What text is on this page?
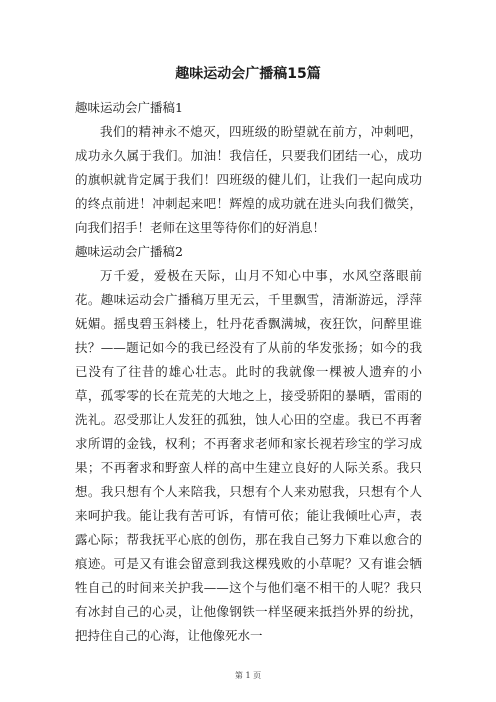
趣味运动会广播稿15篇

趣味运动会广播稿1

我们的精神永不熄灭，四班级的盼望就在前方，冲刺吧，成功永久属于我们。加油！我信任，只要我们团结一心，成功的旗帜就肯定属于我们！四班级的健儿们，让我们一起向成功的终点前进！冲刺起来吧！辉煌的成功就在进头向我们微笑，向我们招手！老师在这里等待你们的好消息！

趣味运动会广播稿2

万千爱，爱极在天际，山月不知心中事，水风空落眼前花。趣味运动会广播稿万里无云，千里飘雪，清渐游远，浮萍妩媚。摇曳碧玉斜楼上，牡丹花香飘满城，夜狂饮，问醉里谁扶？——题记如今的我已经没有了从前的华发张扬；如今的我已没有了往昔的雄心壮志。此时的我就像一棵被人遗弃的小草，孤零零的长在荒芜的大地之上，接受骄阳的暴晒，雷雨的洗礼。忍受那让人发狂的孤独，蚀人心田的空虚。我已不再奢求所谓的金钱，权利；不再奢求老师和家长视若珍宝的学习成果；不再奢求和野蛮人样的高中生建立良好的人际关系。我只想。我只想有个人来陪我，只想有个人来劝慰我，只想有个人来呵护我。能让我有苦可诉，有情可依；能让我倾吐心声，表露心际；帮我抚平心底的创伤，那在我自己努力下难以愈合的痕迹。可是又有谁会留意到我这棵残败的小草呢？又有谁会牺牲自己的时间来关护我——这个与他们毫不相干的人呢？我只有冰封自己的心灵，让他像钢铁一样坚硬来抵挡外界的纷扰，把持住自己的心海，让他像死水一

第 1 页
